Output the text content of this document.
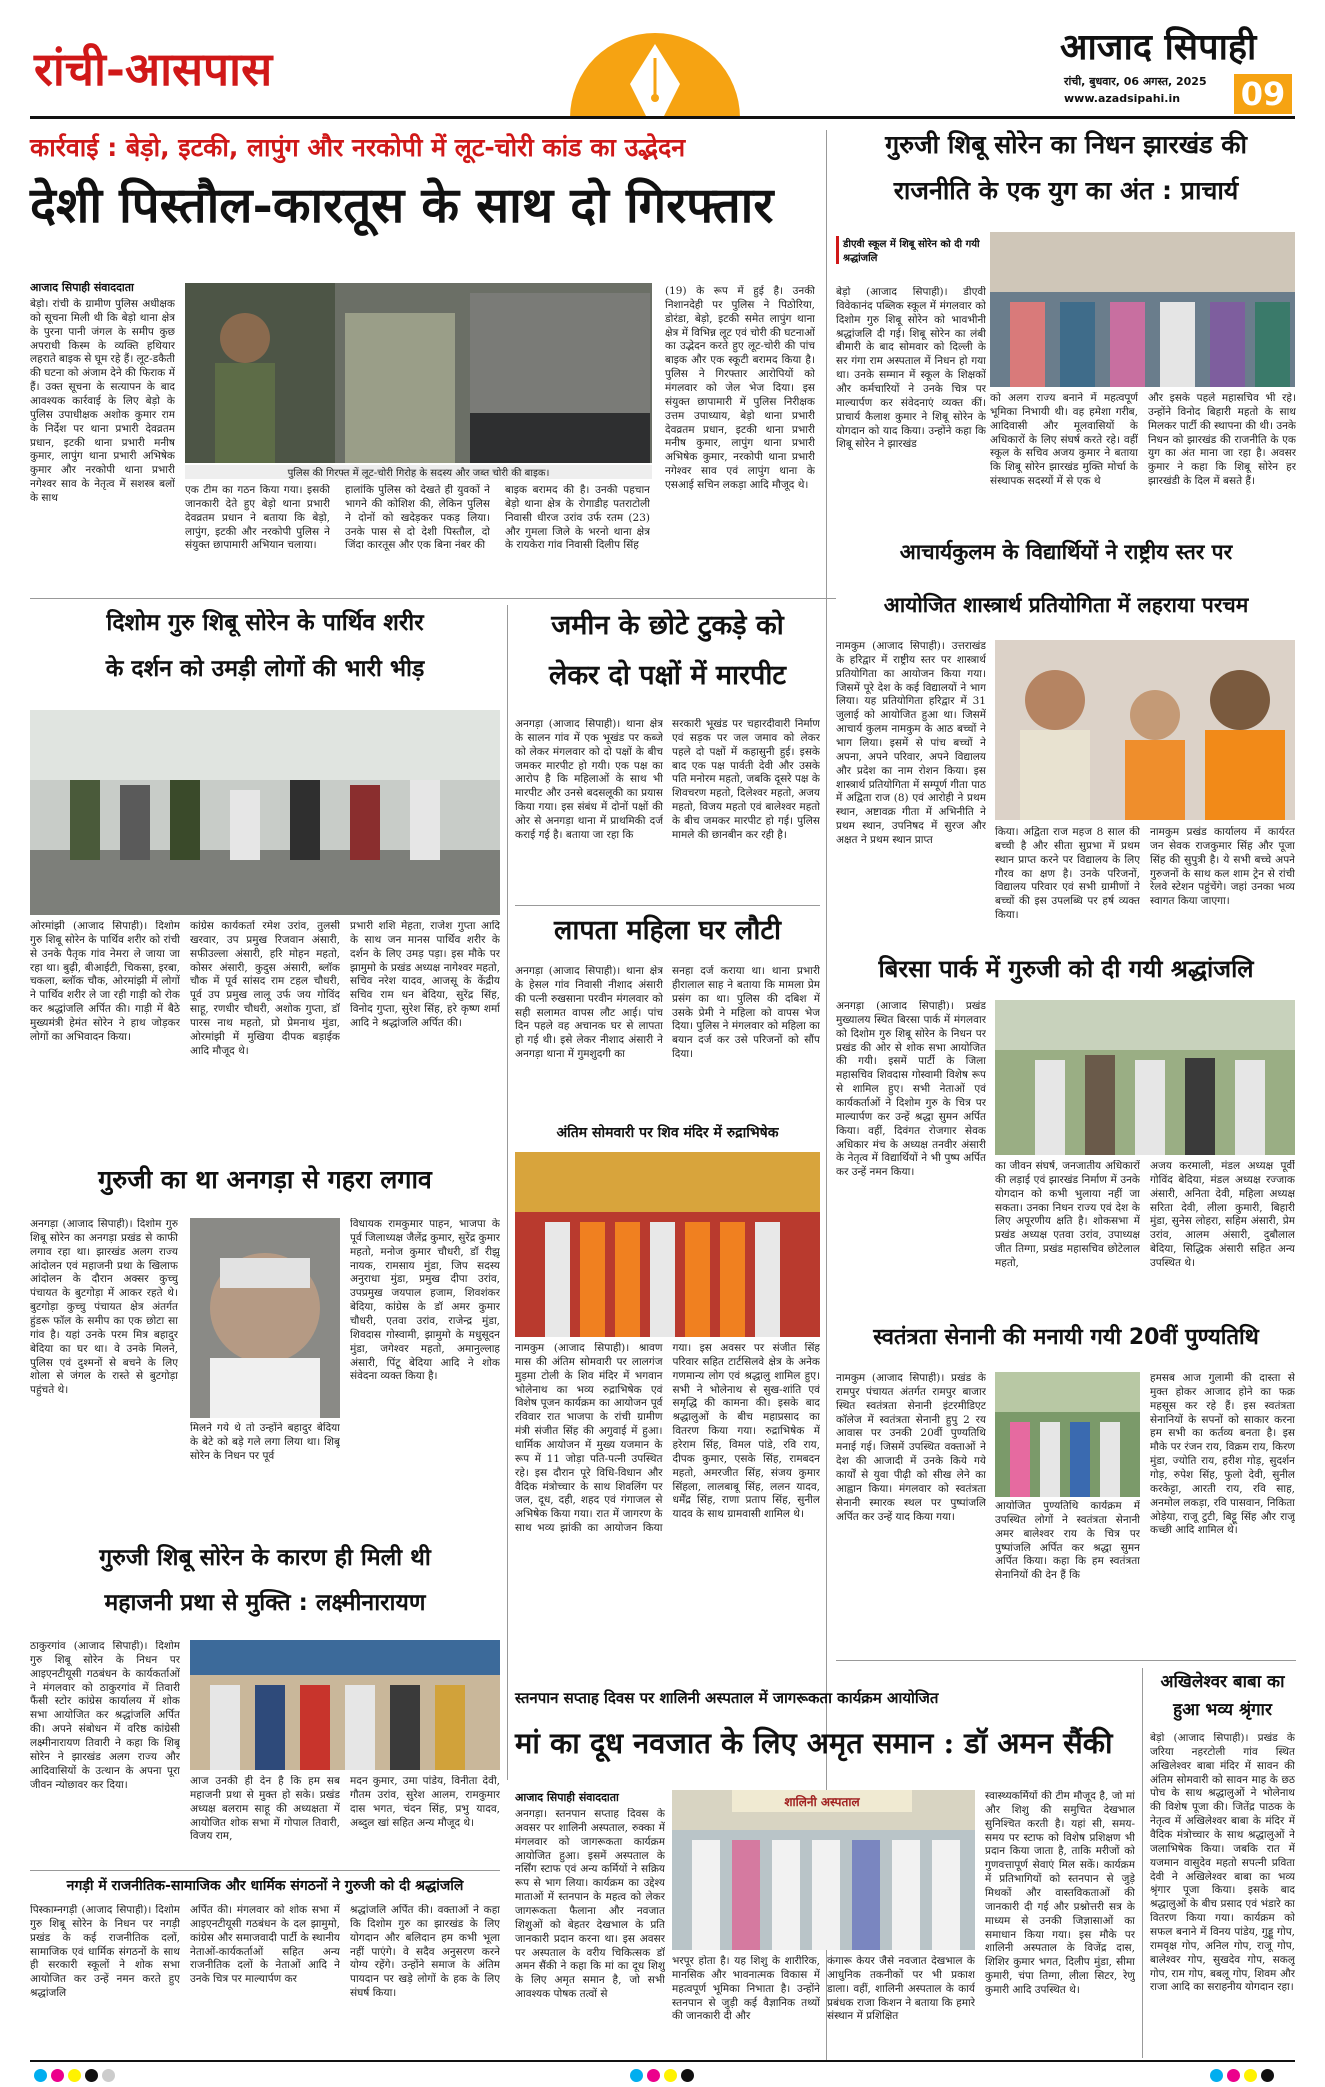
रांची-आसपास	आजाद सिपाही
रांची, बुधवार, 06 अगस्त, 2025
www.azadsipahi.in 09
कार्रवाई : बेड़ो, इटकी, लापुंग और नरकोपी में लूट-चोरी कांड का उद्भेदन
देशी पिस्तौल-कारतूस के साथ दो गिरफ्तार
आजाद सिपाही संवाददाता
बेड़ो। रांची के ग्रामीण पुलिस अधीक्षक को सूचना मिली थी कि बेड़ो थाना क्षेत्र के पुरना पानी जंगल के समीप कुछ अपराधी किस्म के व्यक्ति हथियार लहराते बाइक से घूम रहे हैं। लूट-डकैती की घटना को अंजाम देने की फिराक में हैं। उक्त सूचना के सत्यापन के बाद आवश्यक कार्रवाई के लिए बेड़ो के पुलिस उपाधीक्षक अशोक कुमार राम के निर्देश पर थाना प्रभारी देवव्रतम प्रधान, इटकी थाना प्रभारी मनीष कुमार, लापुंग थाना प्रभारी अभिषेक कुमार और नरकोपी थाना प्रभारी नगेश्वर साव के नेतृत्व में सशस्त्र बलों के साथ
पुलिस की गिरफ्त में लूट-चोरी गिरोह के सदस्य और जब्त चोरी की बाइक।
एक टीम का गठन किया गया। इसकी जानकारी देते हुए बेड़ो थाना प्रभारी देवव्रतम प्रधान ने बताया कि बेड़ो, लापुंग, इटकी और नरकोपी पुलिस ने संयुक्त छापामारी अभियान चलाया।
हालांकि पुलिस को देखते ही युवकों ने भागने की कोशिश की, लेकिन पुलिस ने दोनों को खदेड़कर पकड़ लिया। उनके पास से दो देशी पिस्तौल, दो जिंदा कारतूस और एक बिना नंबर की
बाइक बरामद की है। उनकी पहचान बेड़ो थाना क्षेत्र के रोगाडीह पतराटोली निवासी धीरज उरांव उर्फ रतम (23) और गुमला जिले के भरनो थाना क्षेत्र के रायकेरा गांव निवासी दिलीप सिंह
(19) के रूप में हुई है। उनकी निशानदेही पर पुलिस ने पिठोरिया, डोरंडा, बेड़ो, इटकी समेत लापुंग थाना क्षेत्र में विभिन्न लूट एवं चोरी की घटनाओं का उद्भेदन करते हुए लूट-चोरी की पांच बाइक और एक स्कूटी बरामद किया है। पुलिस ने गिरफ्तार आरोपियों को मंगलवार को जेल भेज दिया। इस संयुक्त छापामारी में पुलिस निरीक्षक उत्तम उपाध्याय, बेड़ो थाना प्रभारी देवव्रतम प्रधान, इटकी थाना प्रभारी मनीष कुमार, लापुंग थाना प्रभारी अभिषेक कुमार, नरकोपी थाना प्रभारी नगेश्वर साव एवं लापुंग थाना के एसआई सचिन लकड़ा आदि मौजूद थे।
गुरुजी शिबू सोरेन का निधन झारखंड की
राजनीति के एक युग का अंत : प्राचार्य
डीएवी स्कूल में शिबू सोरेन को दी गयी श्रद्धांजलि
बेड़ो (आजाद सिपाही)। डीएवी विवेकानंद पब्लिक स्कूल में मंगलवार को दिशोम गुरु शिबू सोरेन को भावभीनी श्रद्धांजलि दी गई। शिबू सोरेन का लंबी बीमारी के बाद सोमवार को दिल्ली के सर गंगा राम अस्पताल में निधन हो गया था। उनके सम्मान में स्कूल के शिक्षकों और कर्मचारियों ने उनके चित्र पर माल्यार्पण कर संवेदनाएं व्यक्त कीं। प्राचार्य कैलाश कुमार ने शिबू सोरेन के योगदान को याद किया। उन्होंने कहा कि शिबू सोरेन ने झारखंड
को अलग राज्य बनाने में महत्वपूर्ण भूमिका निभायी थी। वह हमेशा गरीब, आदिवासी और मूलवासियों के अधिकारों के लिए संघर्ष करते रहे। वहीं स्कूल के सचिव अजय कुमार ने बताया कि शिबू सोरेन झारखंड मुक्ति मोर्चा के संस्थापक सदस्यों में से एक थे
और इसके पहले महासचिव भी रहे। उन्होंने विनोद बिहारी महतो के साथ मिलकर पार्टी की स्थापना की थी। उनके निधन को झारखंड की राजनीति के एक युग का अंत माना जा रहा है। अवसर कुमार ने कहा कि शिबू सोरेन हर झारखंडी के दिल में बसते हैं।
आचार्यकुलम के विद्यार्थियों ने राष्ट्रीय स्तर पर
आयोजित शास्त्रार्थ प्रतियोगिता में लहराया परचम
नामकुम (आजाद सिपाही)। उत्तराखंड के हरिद्वार में राष्ट्रीय स्तर पर शास्त्रार्थ प्रतियोगिता का आयोजन किया गया। जिसमें पूरे देश के कई विद्यालयों ने भाग लिया। यह प्रतियोगिता हरिद्वार में 31 जुलाई को आयोजित हुआ था। जिसमें आचार्य कुलम नामकुम के आठ बच्चों ने भाग लिया। इसमें से पांच बच्चों ने अपना, अपने परिवार, अपने विद्यालय और प्रदेश का नाम रोशन किया। इस शास्त्रार्थ प्रतियोगिता में सम्पूर्ण गीता पाठ में अद्विता राज (8) एवं आरोही ने प्रथम स्थान, अष्टावक्र गीता में अभिनीति ने प्रथम स्थान, उपनिषद में सुरज और अक्षत ने प्रथम स्थान प्राप्त
किया। अद्विता राज महज 8 साल की बच्ची है और सीता सुप्रभा में प्रथम स्थान प्राप्त करने पर विद्यालय के लिए गौरव का क्षण है। उनके परिजनों, विद्यालय परिवार एवं सभी ग्रामीणों ने बच्चों की इस उपलब्धि पर हर्ष व्यक्त किया।
नामकुम प्रखंड कार्यालय में कार्यरत जन सेवक राजकुमार सिंह और पूजा सिंह की सुपुत्री है। ये सभी बच्चे अपने गुरुजनों के साथ कल शाम ट्रेन से रांची रेलवे स्टेशन पहुंचेंगे। जहां उनका भव्य स्वागत किया जाएगा।
दिशोम गुरु शिबू सोरेन के पार्थिव शरीर
के दर्शन को उमड़ी लोगों की भारी भीड़
ओरमांझी (आजाद सिपाही)। दिशोम गुरु शिबू सोरेन के पार्थिव शरीर को रांची से उनके पैतृक गांव नेमरा ले जाया जा रहा था। बुढ़ी, बीआईटी, चिकसा, इरबा, चकला, ब्लॉक चौक, ओरमांझी में लोगों ने पार्थिव शरीर ले जा रही गाड़ी को रोक कर श्रद्धांजलि अर्पित की। गाड़ी में बैठे मुख्यमंत्री हेमंत सोरेन ने हाथ जोड़कर लोगों का अभिवादन किया।
कांग्रेस कार्यकर्ता रमेश उरांव, तुलसी खरवार, उप प्रमुख रिजवान अंसारी, सफीउल्ला अंसारी, हरि मोहन महतो, कोसर अंसारी, कुदुस अंसारी, ब्लॉक चौक में पूर्व सांसद राम टहल चौधरी, पूर्व उप प्रमुख लालू उर्फ जय गोविंद साहू, रणधीर चौधरी, अशोक गुप्ता, डॉ पारस नाथ महतो, प्रो प्रेमनाथ मुंडा, ओरमांझी में मुखिया दीपक बड़ाईक आदि मौजूद थे।
प्रभारी शशि मेहता, राजेश गुप्ता आदि के साथ जन मानस पार्थिव शरीर के दर्शन के लिए उमड़ पड़ा। इस मौके पर झामुमो के प्रखंड अध्यक्ष नागेश्वर महतो, सचिव नरेश यादव, आजसू के केंद्रीय सचिव राम धन बेदिया, सुरेंद्र सिंह, विनोद गुप्ता, सुरेश सिंह, हरे कृष्ण शर्मा आदि ने श्रद्धांजलि अर्पित की।
जमीन के छोटे टुकड़े को
लेकर दो पक्षों में मारपीट
अनगड़ा (आजाद सिपाही)। थाना क्षेत्र के सालन गांव में एक भूखंड पर कब्जे को लेकर मंगलवार को दो पक्षों के बीच जमकर मारपीट हो गयी। एक पक्ष का आरोप है कि महिलाओं के साथ भी मारपीट और उनसे बदसलूकी का प्रयास किया गया। इस संबंध में दोनों पक्षों की ओर से अनगड़ा थाना में प्राथमिकी दर्ज कराई गई है। बताया जा रहा कि
सरकारी भूखंड पर चहारदीवारी निर्माण एवं सड़क पर जल जमाव को लेकर पहले दो पक्षों में कहासुनी हुई। इसके बाद एक पक्ष पार्वती देवी और उसके पति मनोरम महतो, जबकि दूसरे पक्ष के शिवचरण महतो, दिलेश्वर महतो, अजय महतो, विजय महतो एवं बालेश्वर महतो के बीच जमकर मारपीट हो गई। पुलिस मामले की छानबीन कर रही है।
लापता महिला घर लौटी
अनगड़ा (आजाद सिपाही)। थाना क्षेत्र के हेसल गांव निवासी नीशाद अंसारी की पत्नी रुखसाना परवीन मंगलवार को सही सलामत वापस लौट आई। पांच दिन पहले वह अचानक घर से लापता हो गई थी। इसे लेकर नीशाद अंसारी ने अनगड़ा थाना में गुमशुदगी का
सनहा दर्ज कराया था। थाना प्रभारी हीरालाल साह ने बताया कि मामला प्रेम प्रसंग का था। पुलिस की दबिश में उसके प्रेमी ने महिला को वापस भेज दिया। पुलिस ने मंगलवार को महिला का बयान दर्ज कर उसे परिजनों को सौंप दिया।
अंतिम सोमवारी पर शिव मंदिर में रुद्राभिषेक
नामकुम (आजाद सिपाही)। श्रावण मास की अंतिम सोमवारी पर लालगंज मुड़मा टोली के शिव मंदिर में भगवान भोलेनाथ का भव्य रुद्राभिषेक एवं विशेष पूजन कार्यक्रम का आयोजन पूर्व रविवार रात भाजपा के रांची ग्रामीण मंत्री संजीत सिंह की अगुवाई में हुआ। धार्मिक आयोजन में मुख्य यजमान के रूप में 11 जोड़ा पति-पत्नी उपस्थित रहे। इस दौरान पूरे विधि-विधान और वैदिक मंत्रोच्चार के साथ शिवलिंग पर जल, दूध, दही, शहद एवं गंगाजल से अभिषेक किया गया। रात में जागरण के साथ भव्य झांकी का आयोजन किया गया। इस अवसर पर संजीत सिंह परिवार सहित टार्टसिलवे क्षेत्र के अनेक गणमान्य लोग एवं श्रद्धालु शामिल हुए। सभी ने भोलेनाथ से सुख-शांति एवं समृद्धि की कामना की। इसके बाद श्रद्धालुओं के बीच महाप्रसाद का वितरण किया गया। रुद्राभिषेक में हरेराम सिंह, विमल पांडे, रवि राय, दीपक कुमार, एसके सिंह, रामबदन महतो, अमरजीत सिंह, संजय कुमार सिंहला, लालबाबू सिंह, ललन यादव, धर्मेंद्र सिंह, राणा प्रताप सिंह, सुनील यादव के साथ ग्रामवासी शामिल थे।
गुरुजी का था अनगड़ा से गहरा लगाव
अनगड़ा (आजाद सिपाही)। दिशोम गुरु शिबू सोरेन का अनगड़ा प्रखंड से काफी लगाव रहा था। झारखंड अलग राज्य आंदोलन एवं महाजनी प्रथा के खिलाफ आंदोलन के दौरान अक्सर कुच्चु पंचायत के बुटगोड़ा में आकर रहते थे। बुटगोड़ा कुच्चु पंचायत क्षेत्र अंतर्गत हुंडरू फॉल के समीप का एक छोटा सा गांव है। यहां उनके परम मित्र बहादुर बेदिया का घर था। वे उनके मिलने, पुलिस एवं दुश्मनों से बचने के लिए शोला से जंगल के रास्ते से बुटगोड़ा पहुंचते थे।
मिलने गये थे तो उन्होंने बहादुर बेदिया के बेटे को बड़े गले लगा लिया था। शिबू सोरेन के निधन पर पूर्व
विधायक रामकुमार पाहन, भाजपा के पूर्व जिलाध्यक्ष जैलेंद्र कुमार, सुरेंद्र कुमार महतो, मनोज कुमार चौधरी, डॉ रीझू नायक, रामसाय मुंडा, जिप सदस्य अनुराधा मुंडा, प्रमुख दीपा उरांव, उपप्रमुख जयपाल हजाम, शिवशंकर बेदिया, कांग्रेस के डॉ अमर कुमार चौधरी, एतवा उरांव, राजेन्द्र मुंडा, शिवदास गोस्वामी, झामुमो के मधुसूदन मुंडा, जगेश्वर महतो, अमानुल्लाह अंसारी, पिंटू बेदिया आदि ने शोक संवेदना व्यक्त किया है।
बिरसा पार्क में गुरुजी को दी गयी श्रद्धांजलि
अनगड़ा (आजाद सिपाही)। प्रखंड मुख्यालय स्थित बिरसा पार्क में मंगलवार को दिशोम गुरु शिबू सोरेन के निधन पर प्रखंड की ओर से शोक सभा आयोजित की गयी। इसमें पार्टी के जिला महासचिव शिवदास गोस्वामी विशेष रूप से शामिल हुए। सभी नेताओं एवं कार्यकर्ताओं ने दिशोम गुरु के चित्र पर माल्यार्पण कर उन्हें श्रद्धा सुमन अर्पित किया। वहीं, दिवंगत रोजगार सेवक अधिकार मंच के अध्यक्ष तनवीर अंसारी के नेतृत्व में विद्यार्थियों ने भी पुष्प अर्पित कर उन्हें नमन किया।
का जीवन संघर्ष, जनजातीय अधिकारों की लड़ाई एवं झारखंड निर्माण में उनके योगदान को कभी भुलाया नहीं जा सकता। उनका निधन राज्य एवं देश के लिए अपूरणीय क्षति है। शोकसभा में प्रखंड अध्यक्ष एतवा उरांव, उपाध्यक्ष जीत तिग्गा, प्रखंड महासचिव छोटेलाल महतो,
अजय करमाली, मंडल अध्यक्ष पूर्वी गोविंद बेदिया, मंडल अध्यक्ष रज्जाक अंसारी, अनिता देवी, महिला अध्यक्ष सरिता देवी, लीला कुमारी, बिहारी मुंडा, सुनेस लोहरा, सहिम अंसारी, प्रेम उरांव, आलम अंसारी, दुबौलाल बेदिया, सिद्धिक अंसारी सहित अन्य उपस्थित थे।
स्वतंत्रता सेनानी की मनायी गयी 20वीं पुण्यतिथि
नामकुम (आजाद सिपाही)। प्रखंड के रामपुर पंचायत अंतर्गत रामपुर बाजार स्थित स्वतंत्रता सेनानी इंटरमीडिएट कॉलेज में स्वतंत्रता सेनानी हुपु 2 रय आवास पर उनकी 20वीं पुण्यतिथि मनाई गई। जिसमें उपस्थित वक्ताओं ने देश की आजादी में उनके किये गये कार्यों से युवा पीढ़ी को सीख लेने का आह्वान किया। मंगलवार को स्वतंत्रता सेनानी स्मारक स्थल पर पुष्पांजलि अर्पित कर उन्हें याद किया गया।
आयोजित पुण्यतिथि कार्यक्रम में उपस्थित लोगों ने स्वतंत्रता सेनानी अमर बालेश्वर राय के चित्र पर पुष्पांजलि अर्पित कर श्रद्धा सुमन अर्पित किया। कहा कि हम स्वतंत्रता सेनानियों की देन हैं कि
हमसब आज गुलामी की दास्ता से मुक्त होकर आजाद होने का फक्र महसूस कर रहे हैं। इस स्वतंत्रता सेनानियों के सपनों को साकार करना हम सभी का कर्तव्य बनता है। इस मौके पर रंजन राय, विक्रम राय, किरण मुंडा, ज्योति राय, हरीश गोड़, सुदर्शन गोड़, रुपेश सिंह, फुलो देवी, सुनील करकेट्टा, आरती राय, रवि साह, अनमोल लकड़ा, रवि पासवान, निकिता ओड़ेया, राजू टुटी, बिट्टू सिंह और राजू कच्छी आदि शामिल थे।
गुरुजी शिबू सोरेन के कारण ही मिली थी
महाजनी प्रथा से मुक्ति : लक्ष्मीनारायण
ठाकुरगांव (आजाद सिपाही)। दिशोम गुरु शिबू सोरेन के निधन पर आइएनटीयूसी गठबंधन के कार्यकर्ताओं ने मंगलवार को ठाकुरगांव में तिवारी फैंसी स्टोर कांग्रेस कार्यालय में शोक सभा आयोजित कर श्रद्धांजलि अर्पित की। अपने संबोधन में वरिष्ठ कांग्रेसी लक्ष्मीनारायण तिवारी ने कहा कि शिबू सोरेन ने झारखंड अलग राज्य और आदिवासियों के उत्थान के अपना पूरा जीवन न्योछावर कर दिया।	आज उनकी ही देन है कि हम सब महाजनी प्रथा से मुक्त हो सके। प्रखंड अध्यक्ष बलराम साहू की अध्यक्षता में आयोजित शोक सभा में गोपाल तिवारी, विजय राम,
मदन कुमार, उमा पांडेय, विनीता देवी, गौतम उरांव, सुरेश आलम, रामकुमार दास भगत, चंदन सिंह, प्रभु यादव, अब्दुल खां सहित अन्य मौजूद थे।
नगड़ी में राजनीतिक-सामाजिक और धार्मिक संगठनों ने गुरुजी को दी श्रद्धांजलि
पिस्काम्नगड़ी (आजाद सिपाही)। दिशोम गुरु शिबू सोरेन के निधन पर नगड़ी प्रखंड के कई राजनीतिक दलों, सामाजिक एवं धार्मिक संगठनों के साथ ही सरकारी स्कूलों ने शोक सभा आयोजित कर उन्हें नमन करते हुए श्रद्धांजलि
अर्पित की। मंगलवार को शोक सभा में आइएनटीयूसी गठबंधन के दल झामुमो, कांग्रेस और समाजवादी पार्टी के स्थानीय नेताओं-कार्यकर्ताओं सहित अन्य राजनीतिक दलों के नेताओं आदि ने उनके चित्र पर माल्यार्पण कर
श्रद्धांजलि अर्पित की। वक्ताओं ने कहा कि दिशोम गुरु का झारखंड के लिए योगदान और बलिदान हम कभी भूला नहीं पाएंगे। वे सदैव अनुसरण करने योग्य रहेंगे। उन्होंने समाज के अंतिम पायदान पर खड़े लोगों के हक के लिए संघर्ष किया।
स्तनपान सप्ताह दिवस पर शालिनी अस्पताल में जागरूकता कार्यक्रम आयोजित
मां का दूध नवजात के लिए अमृत समान : डॉ अमन सैंकी
आजाद सिपाही संवाददाता
अनगड़ा। स्तनपान सप्ताह दिवस के अवसर पर शालिनी अस्पताल, रुक्का में मंगलवार को जागरूकता कार्यक्रम आयोजित हुआ। इसमें अस्पताल के नर्सिंग स्टाफ एवं अन्य कर्मियों ने सक्रिय रूप से भाग लिया। कार्यक्रम का उद्देश्य माताओं में स्तनपान के महत्व को लेकर जागरूकता फैलाना और नवजात शिशुओं को बेहतर देखभाल के प्रति जानकारी प्रदान करना था। इस अवसर पर अस्पताल के वरीय चिकित्सक डॉ अमन सैंकी ने कहा कि मां का दूध शिशु के लिए अमृत समान है, जो सभी आवश्यक पोषक तत्वों से
शालिनी अस्पताल
भरपूर होता है। यह शिशु के शारीरिक, मानसिक और भावनात्मक विकास में महत्वपूर्ण भूमिका निभाता है। उन्होंने स्तनपान से जुड़ी कई वैज्ञानिक तथ्यों की जानकारी दी और
कंगारू केयर जैसे नवजात देखभाल के आधुनिक तकनीकों पर भी प्रकाश डाला। वहीं, शालिनी अस्पताल के कार्य प्रबंधक राजा किशन ने बताया कि हमारे संस्थान में प्रशिक्षित
स्वास्थ्यकर्मियों की टीम मौजूद है, जो मां और शिशु की समुचित देखभाल सुनिश्चित करती है। यहां सी, समय-समय पर स्टाफ को विशेष प्रशिक्षण भी प्रदान किया जाता है, ताकि मरीजों को गुणवत्तापूर्ण सेवाएं मिल सकें। कार्यक्रम में प्रतिभागियों को स्तनपान से जुड़े मिथकों और वास्तविकताओं की जानकारी दी गई और प्रश्नोत्तरी सत्र के माध्यम से उनकी जिज्ञासाओं का समाधान किया गया। इस मौके पर शालिनी अस्पताल के विजेंद्र दास, शिशिर कुमार भगत, दिलीप मुंडा, सीमा कुमारी, चंपा तिग्गा, लीला सिटर, रेणु कुमारी आदि उपस्थित थे।
अखिलेश्वर बाबा का
हुआ भव्य श्रृंगार
बेड़ो (आजाद सिपाही)। प्रखंड के जरिया नहरटोली गांव स्थित अखिलेश्वर बाबा मंदिर में सावन की अंतिम सोमवारी को सावन माह के छठ पोच के साथ श्रद्धालुओं ने भोलेनाथ की विशेष पूजा की। जितेंद्र पाठक के नेतृत्व में अखिलेश्वर बाबा के मंदिर में वैदिक मंत्रोच्चार के साथ श्रद्धालुओं ने जलाभिषेक किया। जबकि रात में यजमान वासुदेव महतो सपत्नी प्रविता देवी ने अखिलेश्वर बाबा का भव्य श्रृंगार पूजा किया। इसके बाद श्रद्धालुओं के बीच प्रसाद एवं भंडारे का वितरण किया गया। कार्यक्रम को सफल बनाने में विनय पांडेय, गुड्डू गोप, रामवृक्ष गोप, अनिल गोप, राजू गोप, बालेश्वर गोप, सुखदेव गोप, सकलू गोप, राम गोप, बबलू गोप, शिवम और राजा आदि का सराहनीय योगदान रहा।
